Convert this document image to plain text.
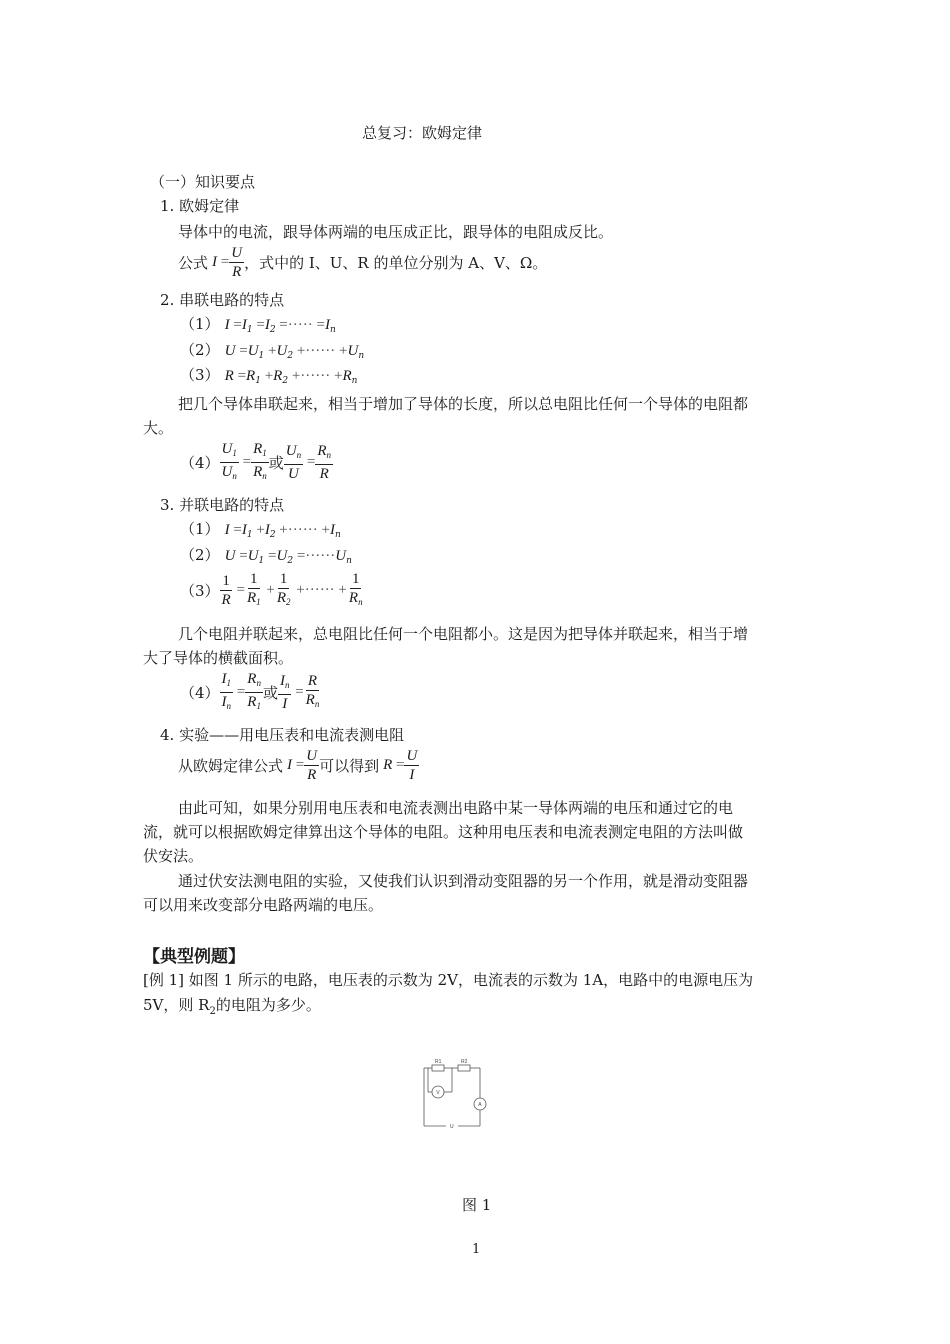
总复习：欧姆定律
（一）知识要点
1. 欧姆定律
导体中的电流，跟导体两端的电压成正比，跟导体的电阻成反比。
公式 $I = \frac{U}{R}$ ，式中的 I、U、R 的单位分别为 A、V、Ω。
2. 串联电路的特点
（1） $I =I_1 =I_2$ =····· $=I_n$
（2） $U =U_1 +U_2$ +······ $+U_n$
（3） $R =R_1 +R_2$ +······ $+R_n$
把几个导体串联起来，相当于增加了导体的长度，所以总电阻比任何一个导体的电阻都
大。
$(4) \frac{U_1}{U_n} = \frac{R_1}{R_n}$ 或 $\frac{U_n}{U} = \frac{R_n}{R}$
3. 并联电路的特点
（1） $I =I_1 +I_2$ +······ $+I_n$
（2） $U =U_1 =U_2 =\cdot\cdot\cdot\cdot\cdot\cdot U_n$
$(3) \frac{1}{R} = \frac{1}{R_1} + \frac{1}{R_2}$ +······ + $\frac{1}{R_n}$
几个电阻并联起来，总电阻比任何一个电阻都小。这是因为把导体并联起来，相当于增
大了导体的横截面积。
$(4) \frac{I_1}{I_n} = \frac{R_n}{R_1}$ 或 $\frac{I_n}{I} = \frac{R}{R_n}$
4. 实验——用电压表和电流表测电阻
从欧姆定律公式 $I = \frac{U}{R}$ 可以得到 $R = \frac{U}{I}$
由此可知，如果分别用电压表和电流表测出电路中某一导体两端的电压和通过它的电
流，就可以根据欧姆定律算出这个导体的电阻。这种用电压表和电流表测定电阻的方法叫做
伏安法。
通过伏安法测电阻的实验，又使我们认识到滑动变阻器的另一个作用，就是滑动变阻器
可以用来改变部分电路两端的电压。
【典型例题】
[例 1] 如图 1 所示的电路，电压表的示数为 2V，电流表的示数为 1A，电路中的电源电压为
5V，则 $R_2$的电阻为多少。
R1	R2
V
A
U
图 1
1
